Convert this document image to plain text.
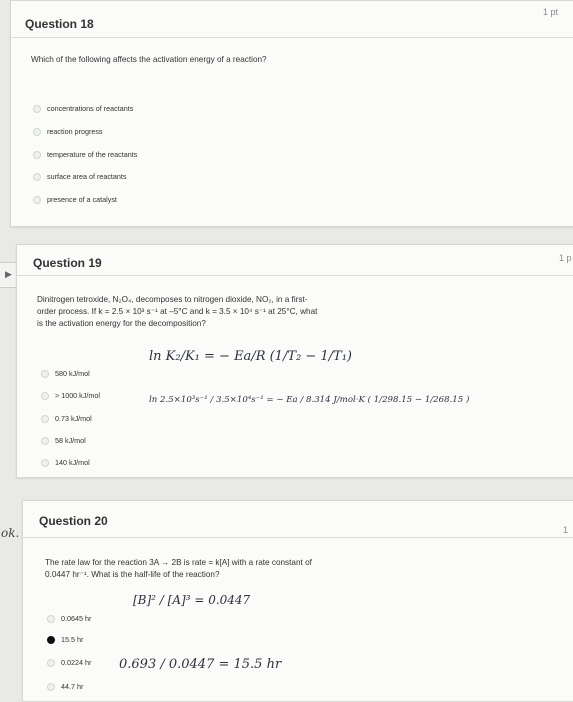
Question 18
1 pt
Which of the following affects the activation energy of a reaction?
concentrations of reactants
reaction progress
temperature of the reactants
surface area of reactants
presence of a catalyst
▶
Question 19	1 p
Dinitrogen tetroxide, N₂O₄, decomposes to nitrogen dioxide, NO₂, in a first-
order process. If k = 2.5 × 10³ s⁻¹ at –5°C and k = 3.5 × 10⁴ s⁻¹ at 25°C, what
is the activation energy for the decomposition?
580 kJ/mol
> 1000 kJ/mol
0.73 kJ/mol
58 kJ/mol
140 kJ/mol
ln K₂/K₁ = − Ea/R (1/T₂ − 1/T₁)
ln 2.5×10³s⁻¹ / 3.5×10⁴s⁻¹ = − Ea / 8.314 J/mol·K ( 1/298.15 − 1/268.15 )
ok.
Question 20
1
The rate law for the reaction 3A → 2B is rate = k[A] with a rate constant of
0.0447 hr⁻¹. What is the half-life of the reaction?
0.0645 hr
15.5 hr
0.0224 hr
44.7 hr
[B]² / [A]³ = 0.0447
0.693 / 0.0447 = 15.5 hr
